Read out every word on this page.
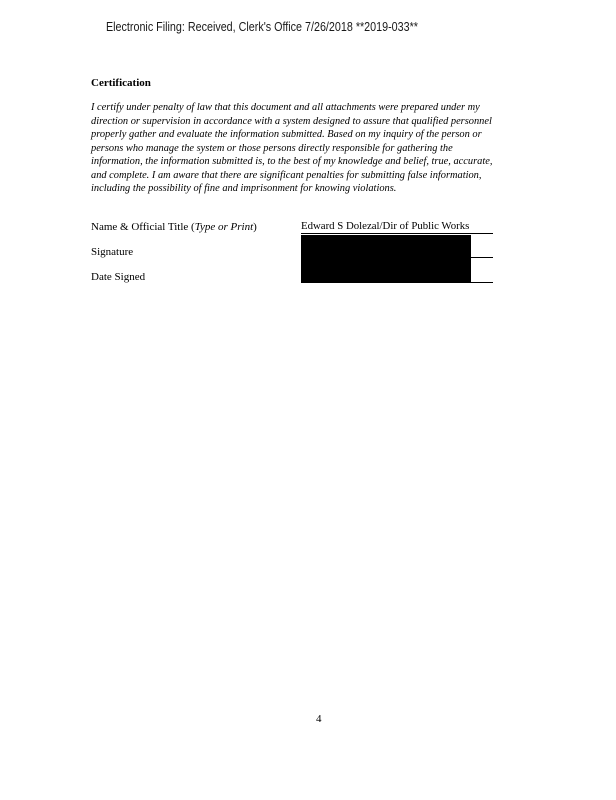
Electronic Filing: Received, Clerk's Office 7/26/2018 **2019-033**
Certification

I certify under penalty of law that this document and all attachments were prepared under my
direction or supervision in accordance with a system designed to assure that qualified personnel
properly gather and evaluate the information submitted. Based on my inquiry of the person or
persons who manage the system or those persons directly responsible for gathering the
information, the information submitted is, to the best of my knowledge and belief, true, accurate,
and complete. I am aware that there are significant penalties for submitting false information,
including the possibility of fine and imprisonment for knowing violations.

Name & Official Title (Type or Print)	Edward S Dolezal/Dir of Public Works
Signature
Date Signed
4
